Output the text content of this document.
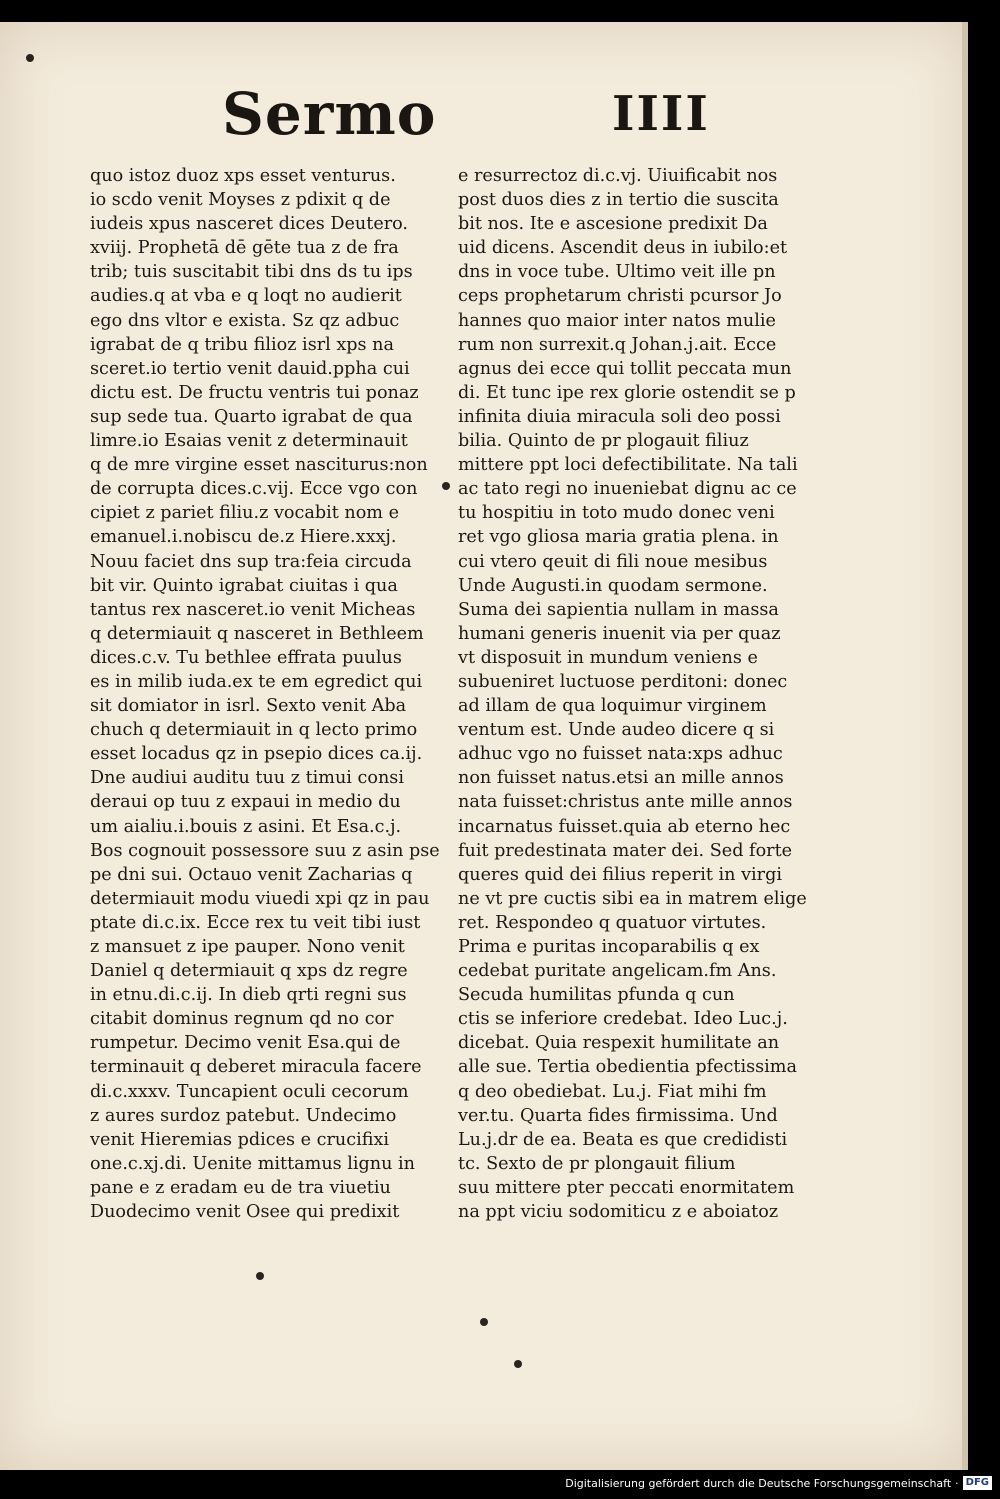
Sermo	IIII
quo istoz duoz xps esset venturus.
io scdo venit Moyses z pdixit q de
iudeis xpus nasceret dices Deutero.
xviij. Prophetā dē gēte tua z de fra
trib; tuis suscitabit tibi dns ds tu ips
audies.q at vba e q loqt no audierit
ego dns vltor e exista. Sz qz adbuc
igrabat de q tribu filioz isrl xps na
sceret.io tertio venit dauid.ppha cui
dictu est. De fructu ventris tui ponaz
sup sede tua. Quarto igrabat de qua
limre.io Esaias venit z determinauit
q de mre virgine esset nasciturus:non
de corrupta dices.c.vij. Ecce vgo con
cipiet z pariet filiu.z vocabit nom e
emanuel.i.nobiscu de.z Hiere.xxxj.
Nouu faciet dns sup tra:feia circuda
bit vir. Quinto igrabat ciuitas i qua
tantus rex nasceret.io venit Micheas
q determiauit q nasceret in Bethleem
dices.c.v. Tu bethlee effrata puulus
es in milib iuda.ex te em egredict qui
sit domiator in isrl. Sexto venit Aba
chuch q determiauit in q lecto primo
esset locadus qz in psepio dices ca.ij.
Dne audiui auditu tuu z timui consi
deraui op tuu z expaui in medio du
um aialiu.i.bouis z asini. Et Esa.c.j.
Bos cognouit possessore suu z asin pse
pe dni sui. Octauo venit Zacharias q
determiauit modu viuedi xpi qz in pau
ptate di.c.ix. Ecce rex tu veit tibi iust
z mansuet z ipe pauper. Nono venit
Daniel q determiauit q xps dz regre
in etnu.di.c.ij. In dieb qrti regni sus
citabit dominus regnum qd no cor
rumpetur. Decimo venit Esa.qui de
terminauit q deberet miracula facere
di.c.xxxv. Tuncapient oculi cecorum
z aures surdoz patebut. Undecimo
venit Hieremias pdices e crucifixi
one.c.xj.di. Uenite mittamus lignu in
pane e z eradam eu de tra viuetiu
Duodecimo venit Osee qui predixit
e resurrectoz di.c.vj. Uiuificabit nos
post duos dies z in tertio die suscita
bit nos. Ite e ascesione predixit Da
uid dicens. Ascendit deus in iubilo:et
dns in voce tube. Ultimo veit ille pn
ceps prophetarum christi pcursor Jo
hannes quo maior inter natos mulie
rum non surrexit.q Johan.j.ait. Ecce
agnus dei ecce qui tollit peccata mun
di. Et tunc ipe rex glorie ostendit se p
infinita diuia miracula soli deo possi
bilia. Quinto de pr plogauit filiuz
mittere ppt loci defectibilitate. Na tali
ac tato regi no inueniebat dignu ac ce
tu hospitiu in toto mudo donec veni
ret vgo gliosa maria gratia plena. in
cui vtero qeuit di fili noue mesibus
Unde Augusti.in quodam sermone.
Suma dei sapientia nullam in massa
humani generis inuenit via per quaz
vt disposuit in mundum veniens e
subueniret luctuose perditoni: donec
ad illam de qua loquimur virginem
ventum est. Unde audeo dicere q si
adhuc vgo no fuisset nata:xps adhuc
non fuisset natus.etsi an mille annos
nata fuisset:christus ante mille annos
incarnatus fuisset.quia ab eterno hec
fuit predestinata mater dei. Sed forte
queres quid dei filius reperit in virgi
ne vt pre cuctis sibi ea in matrem elige
ret. Respondeo q quatuor virtutes.
Prima e puritas incoparabilis q ex
cedebat puritate angelicam.fm Ans.
Secuda humilitas pfunda q cun
ctis se inferiore credebat. Ideo Luc.j.
dicebat. Quia respexit humilitate an
alle sue. Tertia obedientia pfectissima
q deo obediebat. Lu.j. Fiat mihi fm
ver.tu. Quarta fides firmissima. Und
Lu.j.dr de ea. Beata es que credidisti
tc. Sexto de pr plongauit filium
suu mittere pter peccati enormitatem
na ppt viciu sodomiticu z e aboiatoz
Digitalisierung gefördert durch die Deutsche Forschungsgemeinschaft · DFG
